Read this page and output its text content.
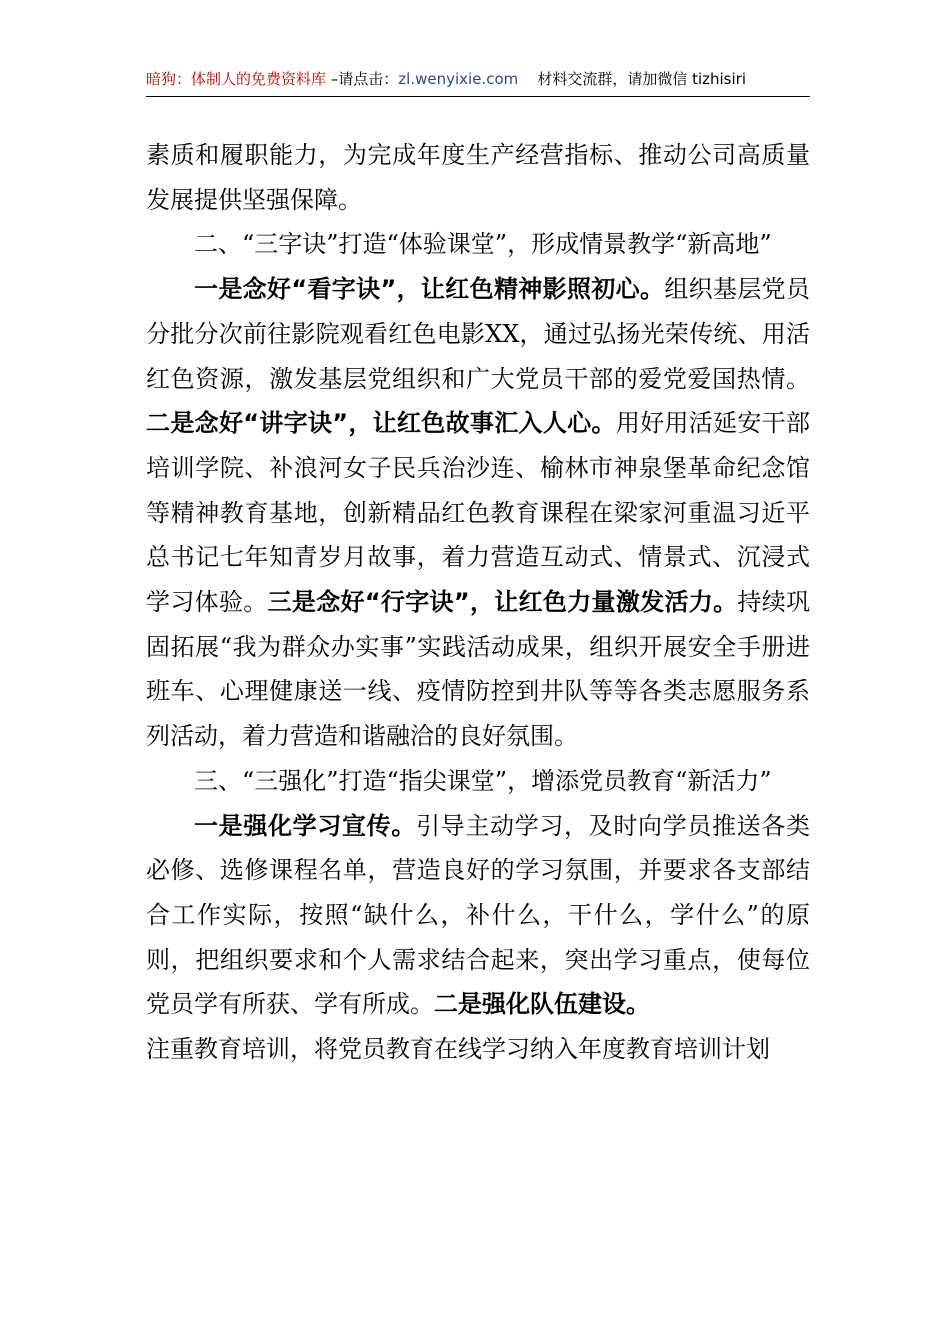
暗狗：体制人的免费资料库 –请点击：zl.wenyixie.com 材料交流群，请加微信 tizhisiri

素质和履职能力，为完成年度生产经营指标、推动公司高质量发展提供坚强保障。

二、“三字诀”打造“体验课堂”，形成情景教学“新高地”

一是念好“看字诀”，让红色精神影照初心。组织基层党员分批分次前往影院观看红色电影XX，通过弘扬光荣传统、用活红色资源，激发基层党组织和广大党员干部的爱党爱国热情。二是念好“讲字诀”，让红色故事汇入人心。用好用活延安干部培训学院、补浪河女子民兵治沙连、榆林市神泉堡革命纪念馆等精神教育基地，创新精品红色教育课程在梁家河重温习近平总书记七年知青岁月故事，着力营造互动式、情景式、沉浸式学习体验。三是念好“行字诀”，让红色力量激发活力。持续巩固拓展“我为群众办实事”实践活动成果，组织开展安全手册进班车、心理健康送一线、疫情防控到井队等等各类志愿服务系列活动，着力营造和谐融洽的良好氛围。

三、“三强化”打造“指尖课堂”，增添党员教育“新活力”

一是强化学习宣传。引导主动学习，及时向学员推送各类必修、选修课程名单，营造良好的学习氛围，并要求各支部结合工作实际，按照“缺什么，补什么，干什么，学什么”的原则，把组织要求和个人需求结合起来，突出学习重点，使每位党员学有所获、学有所成。二是强化队伍建设。

注重教育培训，将党员教育在线学习纳入年度教育培训计划
